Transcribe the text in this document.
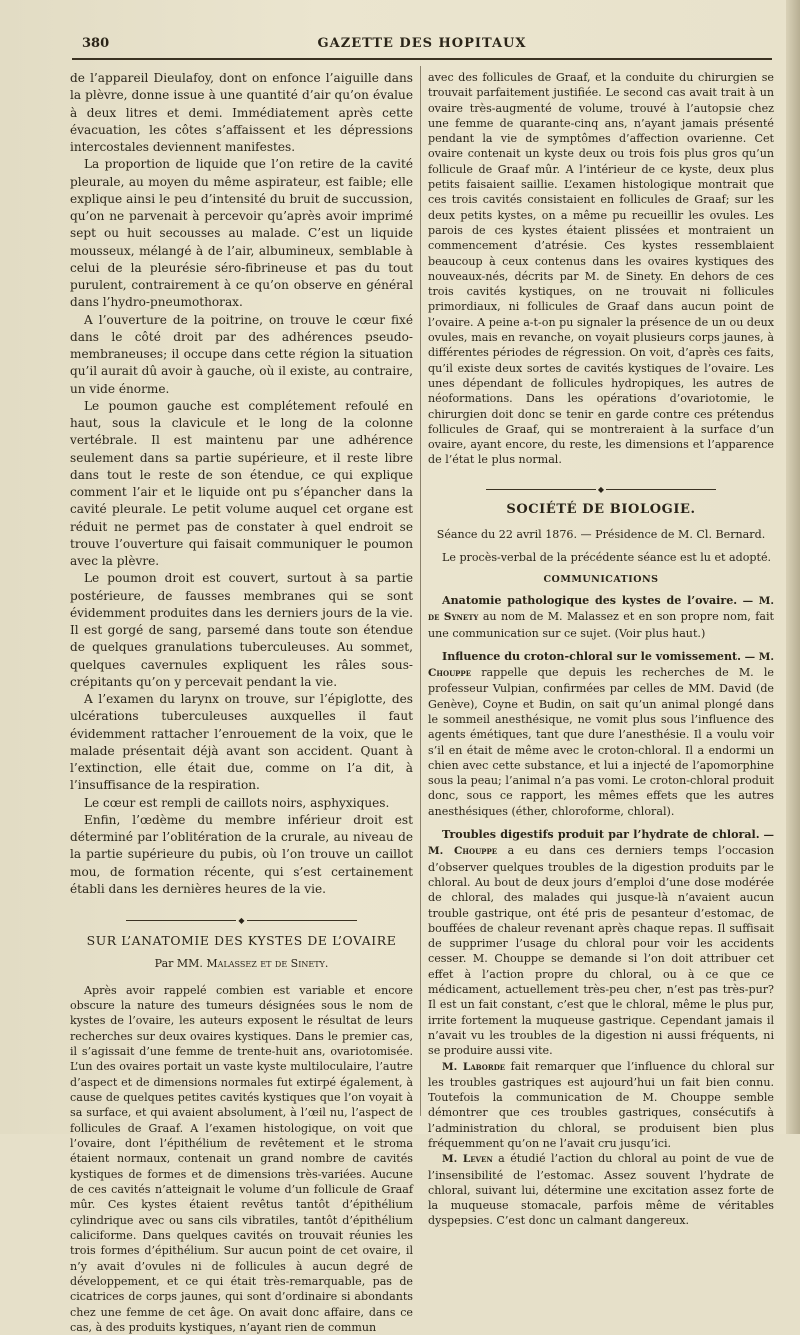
380	GAZETTE DES HOPITAUX

de l’appareil Dieulafoy, dont on enfonce l’aiguille dans la plèvre, donne issue à une quantité d’air qu’on évalue à deux litres et demi. Immédiatement après cette évacuation, les côtes s’affaissent et les dépressions intercostales deviennent manifestes.

La proportion de liquide que l’on retire de la cavité pleurale, au moyen du même aspirateur, est faible; elle explique ainsi le peu d’intensité du bruit de succussion, qu’on ne parvenait à percevoir qu’après avoir imprimé sept ou huit secousses au malade. C’est un liquide mousseux, mélangé à de l’air, albumineux, semblable à celui de la pleurésie séro-fibrineuse et pas du tout purulent, contrairement à ce qu’on observe en général dans l’hydro-pneumothorax.

A l’ouverture de la poitrine, on trouve le cœur fixé dans le côté droit par des adhérences pseudo-membraneuses; il occupe dans cette région la situation qu’il aurait dû avoir à gauche, où il existe, au contraire, un vide énorme.

Le poumon gauche est complétement refoulé en haut, sous la clavicule et le long de la colonne vertébrale. Il est maintenu par une adhérence seulement dans sa partie supérieure, et il reste libre dans tout le reste de son étendue, ce qui explique comment l’air et le liquide ont pu s’épancher dans la cavité pleurale. Le petit volume auquel cet organe est réduit ne permet pas de constater à quel endroit se trouve l’ouverture qui faisait communiquer le poumon avec la plèvre.

Le poumon droit est couvert, surtout à sa partie postérieure, de fausses membranes qui se sont évidemment produites dans les derniers jours de la vie. Il est gorgé de sang, parsemé dans toute son étendue de quelques granulations tuberculeuses. Au sommet, quelques cavernules expliquent les râles sous-crépitants qu’on y percevait pendant la vie.

A l’examen du larynx on trouve, sur l’épiglotte, des ulcérations tuberculeuses auxquelles il faut évidemment rattacher l’enrouement de la voix, que le malade présentait déjà avant son accident. Quant à l’extinction, elle était due, comme on l’a dit, à l’insuffisance de la respiration.

Le cœur est rempli de caillots noirs, asphyxiques.

Enfin, l’œdème du membre inférieur droit est déterminé par l’oblitération de la crurale, au niveau de la partie supérieure du pubis, où l’on trouve un caillot mou, de formation récente, qui s’est certainement établi dans les dernières heures de la vie.

◆
SUR L’ANATOMIE DES KYSTES DE L’OVAIRE
Par MM. Malassez et de Sinety.

Après avoir rappelé combien est variable et encore obscure la nature des tumeurs désignées sous le nom de kystes de l’ovaire, les auteurs exposent le résultat de leurs recherches sur deux ovaires kystiques. Dans le premier cas, il s’agissait d’une femme de trente-huit ans, ovariotomisée. L’un des ovaires portait un vaste kyste multiloculaire, l’autre d’aspect et de dimensions normales fut extirpé également, à cause de quelques petites cavités kystiques que l’on voyait à sa surface, et qui avaient absolument, à l’œil nu, l’aspect de follicules de Graaf. A l’examen histologique, on voit que l’ovaire, dont l’épithélium de revêtement et le stroma étaient normaux, contenait un grand nombre de cavités kystiques de formes et de dimensions très-variées. Aucune de ces cavités n’atteignait le volume d’un follicule de Graaf mûr. Ces kystes étaient revêtus tantôt d’épithélium cylindrique avec ou sans cils vibratiles, tantôt d’épithélium caliciforme. Dans quelques cavités on trouvait réunies les trois formes d’épithélium. Sur aucun point de cet ovaire, il n’y avait d’ovules ni de follicules à aucun degré de développement, et ce qui était très-remarquable, pas de cicatrices de corps jaunes, qui sont d’ordinaire si abondants chez une femme de cet âge. On avait donc affaire, dans ce cas, à des produits kystiques, n’ayant rien de commun

avec des follicules de Graaf, et la conduite du chirurgien se trouvait parfaitement justifiée. Le second cas avait trait à un ovaire très-augmenté de volume, trouvé à l’autopsie chez une femme de quarante-cinq ans, n’ayant jamais présenté pendant la vie de symptômes d’affection ovarienne. Cet ovaire contenait un kyste deux ou trois fois plus gros qu’un follicule de Graaf mûr. A l’intérieur de ce kyste, deux plus petits faisaient saillie. L’examen histologique montrait que ces trois cavités consistaient en follicules de Graaf; sur les deux petits kystes, on a même pu recueillir les ovules. Les parois de ces kystes étaient plissées et montraient un commencement d’atrésie. Ces kystes ressemblaient beaucoup à ceux contenus dans les ovaires kystiques des nouveaux-nés, décrits par M. de Sinety. En dehors de ces trois cavités kystiques, on ne trouvait ni follicules primordiaux, ni follicules de Graaf dans aucun point de l’ovaire. A peine a-t-on pu signaler la présence de un ou deux ovules, mais en revanche, on voyait plusieurs corps jaunes, à différentes périodes de régression. On voit, d’après ces faits, qu’il existe deux sortes de cavités kystiques de l’ovaire. Les unes dépendant de follicules hydropiques, les autres de néoformations. Dans les opérations d’ovariotomie, le chirurgien doit donc se tenir en garde contre ces prétendus follicules de Graaf, qui se montreraient à la surface d’un ovaire, ayant encore, du reste, les dimensions et l’apparence de l’état le plus normal.

◆
SOCIÉTÉ DE BIOLOGIE.

Séance du 22 avril 1876. — Présidence de M. Cl. Bernard.

Le procès-verbal de la précédente séance est lu et adopté.

COMMUNICATIONS

Anatomie pathologique des kystes de l’ovaire. — M. de Synety au nom de M. Malassez et en son propre nom, fait une communication sur ce sujet. (Voir plus haut.)

Influence du croton-chloral sur le vomissement. — M. Chouppe rappelle que depuis les recherches de M. le professeur Vulpian, confirmées par celles de MM. David (de Genève), Coyne et Budin, on sait qu’un animal plongé dans le sommeil anesthésique, ne vomit plus sous l’influence des agents émétiques, tant que dure l’anesthésie. Il a voulu voir s’il en était de même avec le croton-chloral. Il a endormi un chien avec cette substance, et lui a injecté de l’apomorphine sous la peau; l’animal n’a pas vomi. Le croton-chloral produit donc, sous ce rapport, les mêmes effets que les autres anesthésiques (éther, chloroforme, chloral).

Troubles digestifs produit par l’hydrate de chloral. — M. Chouppe a eu dans ces derniers temps l’occasion d’observer quelques troubles de la digestion produits par le chloral. Au bout de deux jours d’emploi d’une dose modérée de chloral, des malades qui jusque-là n’avaient aucun trouble gastrique, ont été pris de pesanteur d’estomac, de bouffées de chaleur revenant après chaque repas. Il suffisait de supprimer l’usage du chloral pour voir les accidents cesser. M. Chouppe se demande si l’on doit attribuer cet effet à l’action propre du chloral, ou à ce que ce médicament, actuellement très-peu cher, n’est pas très-pur? Il est un fait constant, c’est que le chloral, même le plus pur, irrite fortement la muqueuse gastrique. Cependant jamais il n’avait vu les troubles de la digestion ni aussi fréquents, ni se produire aussi vite.

M. Laborde fait remarquer que l’influence du chloral sur les troubles gastriques est aujourd’hui un fait bien connu. Toutefois la communication de M. Chouppe semble démontrer que ces troubles gastriques, consécutifs à l’administration du chloral, se produisent bien plus fréquemment qu’on ne l’avait cru jusqu’ici.

M. Leven a étudié l’action du chloral au point de vue de l’insensibilité de l’estomac. Assez souvent l’hydrate de chloral, suivant lui, détermine une excitation assez forte de la muqueuse stomacale, parfois même de véritables dyspepsies. C’est donc un calmant dangereux.
